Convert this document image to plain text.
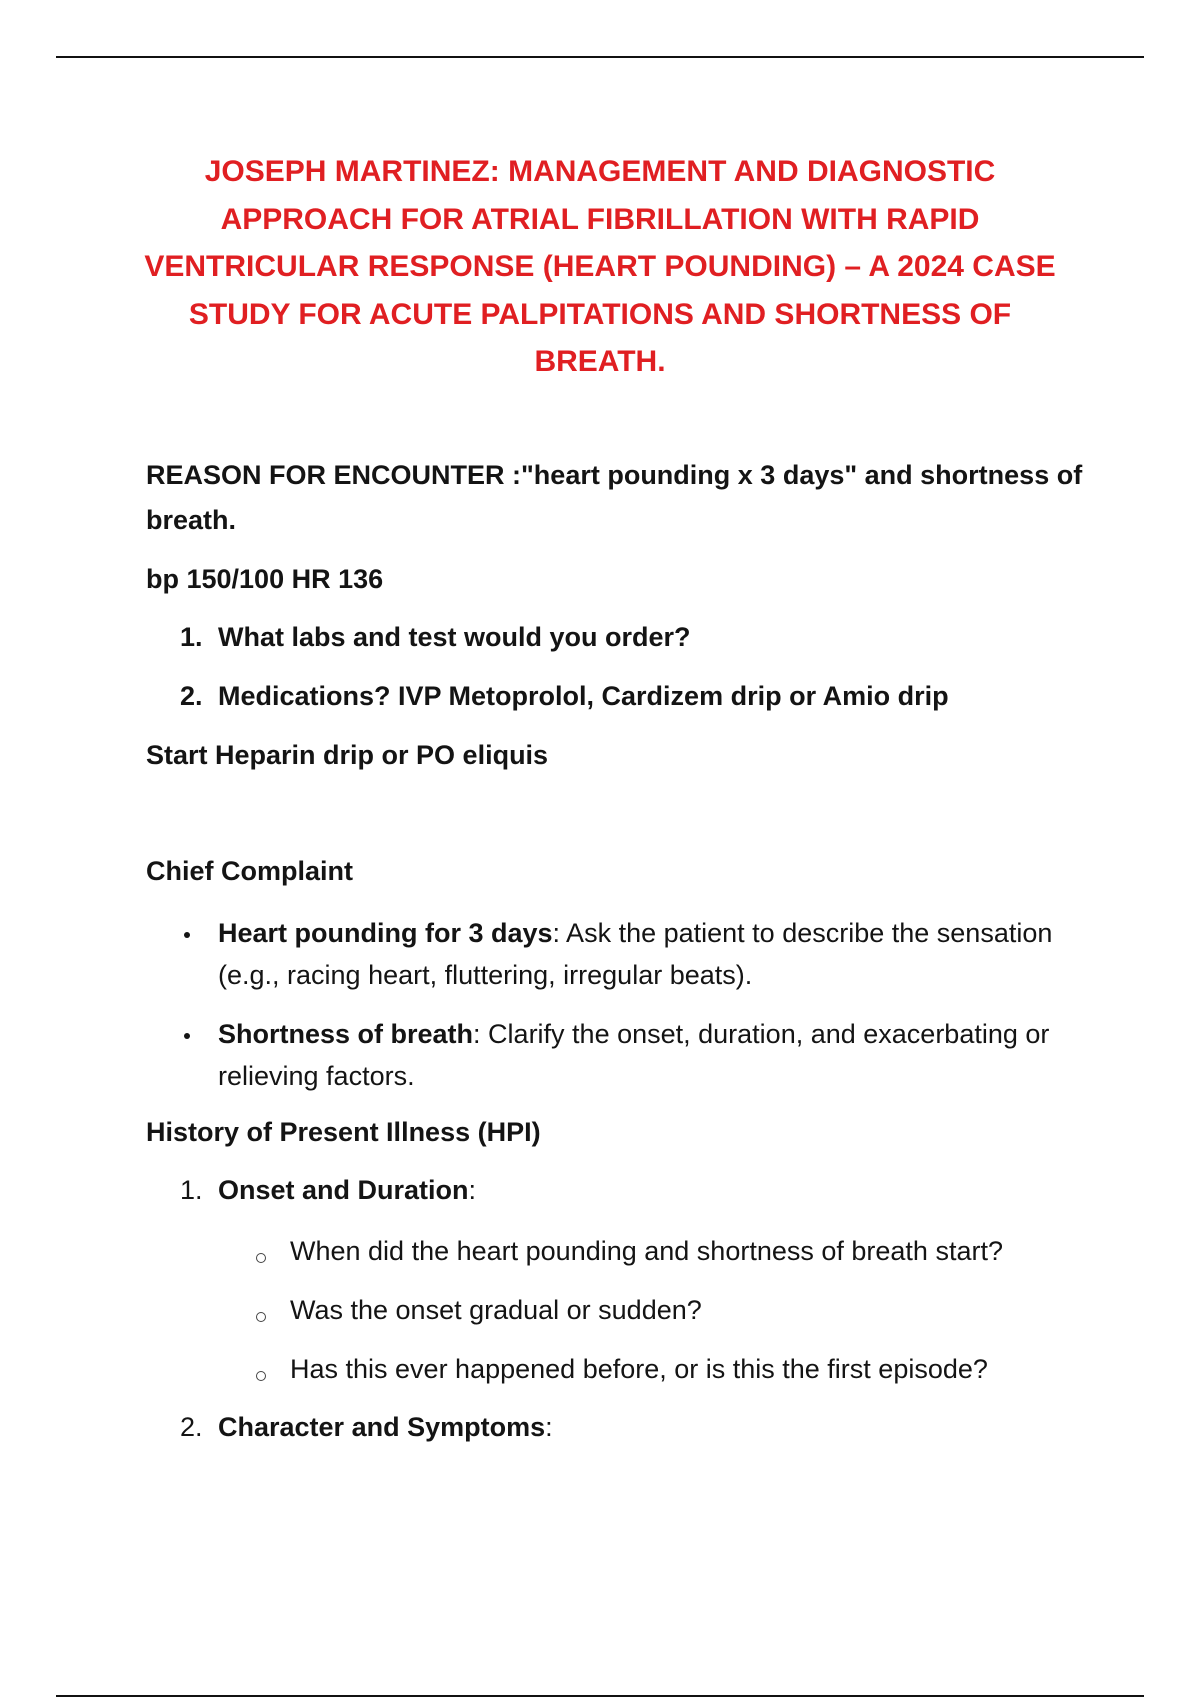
JOSEPH MARTINEZ: MANAGEMENT AND DIAGNOSTIC APPROACH FOR ATRIAL FIBRILLATION WITH RAPID VENTRICULAR RESPONSE (HEART POUNDING) – A 2024 CASE STUDY FOR ACUTE PALPITATIONS AND SHORTNESS OF BREATH.
REASON FOR ENCOUNTER :"heart pounding x 3 days" and shortness of
breath.
bp 150/100 HR 136
1. What labs and test would you order?
2. Medications? IVP Metoprolol, Cardizem drip or Amio drip
Start Heparin drip or PO eliquis
Chief Complaint
Heart pounding for 3 days: Ask the patient to describe the sensation (e.g., racing heart, fluttering, irregular beats).
Shortness of breath: Clarify the onset, duration, and exacerbating or relieving factors.
History of Present Illness (HPI)
1. Onset and Duration:
When did the heart pounding and shortness of breath start?
Was the onset gradual or sudden?
Has this ever happened before, or is this the first episode?
2. Character and Symptoms:
